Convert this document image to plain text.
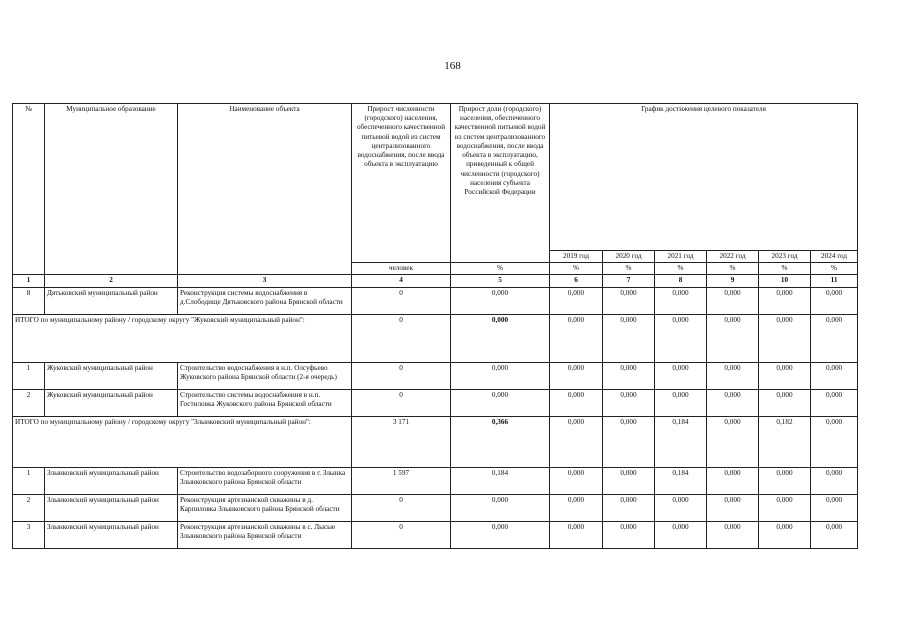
168
№	Муниципальное образование	Наименование объекта	Прирост численности (городского) населения, обеспеченного качественной питьевой водой из систем централизованного водоснабжения, после ввода объекта в эксплуатацию	Прирост доли (городского) населения, обеспеченного качественной питьевой водой из систем централизованного водоснабжения, после ввода объекта в эксплуатацию, приведенный к общей численности (городского) населения субъекта Российской Федерации	График достижения целевого показателя					
					2019 год	2020 год	2021 год	2022 год	2023 год	2024 год
			человек	%	%	%	%	%	%	%
1	2	3	4	5	6	7	8	9	10	11
8	Дятьковский муниципальный район	Реконструкция системы водоснабжения в д.Слободище Дятьковского района Брянской области	0	0,000	0,000	0,000	0,000	0,000	0,000	0,000
ИТОГО по муниципальному району / городскому округу "Жуковский муниципальный район":			0	0,000	0,000	0,000	0,000	0,000	0,000	0,000
1	Жуковский муниципальный район	Строительство водоснабжения в н.п. Олсуфьево Жуковского района Брянской области (2-я очередь)	0	0,000	0,000	0,000	0,000	0,000	0,000	0,000
2	Жуковский муниципальный район	Строительство системы водоснабжения в н.п. Гостиловка Жуковского района Брянской области	0	0,000	0,000	0,000	0,000	0,000	0,000	0,000
ИТОГО по муниципальному району / городскому округу "Злынковский муниципальный район":			3 171	0,366	0,000	0,000	0,184	0,000	0,182	0,000
1	Злынковский муниципальный район	Строительство водозаборного сооружения в г. Злынка Злынковского района Брянской области	1 597	0,184	0,000	0,000	0,184	0,000	0,000	0,000
2	Злынковский муниципальный район	Реконструкция артезианской скважины в д. Карпиловка Злынковского района Брянской области	0	0,000	0,000	0,000	0,000	0,000	0,000	0,000
3	Злынковский муниципальный район	Реконструкция артезианской скважины в с. Лысые Злынковского района Брянской области	0	0,000	0,000	0,000	0,000	0,000	0,000	0,000
